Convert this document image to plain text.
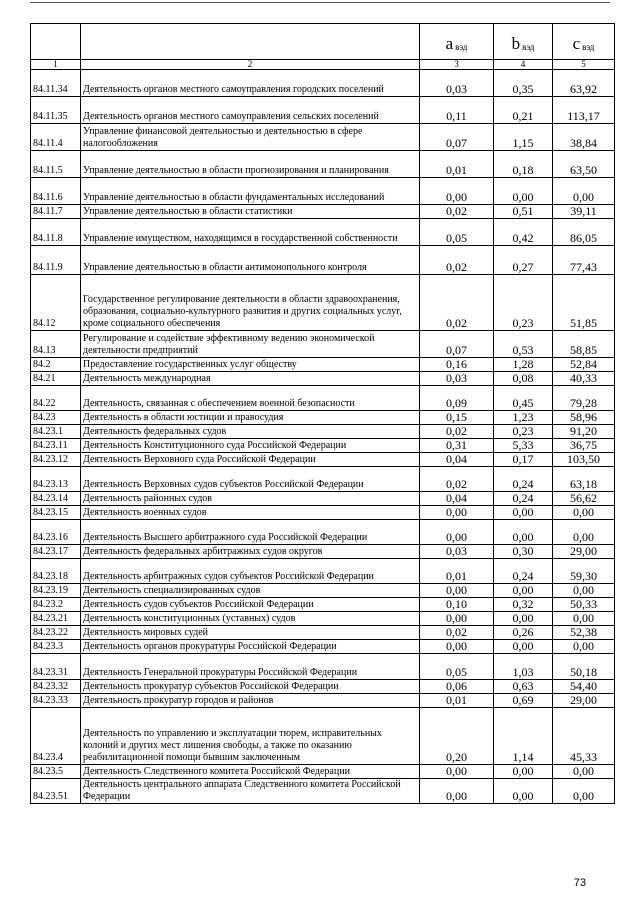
		a $_{вэд}$	b $_{вэд}$	c $_{вэд}$
1	2	3	4	5
84.11.34	Деятельность органов местного самоуправления городских поселений	0,03	0,35	63,92
84.11.35	Деятельность органов местного самоуправления сельских поселений	0,11	0,21	113,17
84.11.4	Управление финансовой деятельностью и деятельностью в сфере налогообложения	0,07	1,15	38,84
84.11.5	Управление деятельностью в области прогнозирования и планирования	0,01	0,18	63,50
84.11.6	Управление деятельностью в области фундаментальных исследований	0,00	0,00	0,00
84.11.7	Управление деятельностью в области статистики	0,02	0,51	39,11
84.11.8	Управление имуществом, находящимся в государственной собственности	0,05	0,42	86,05
84.11.9	Управление деятельностью в области антимонопольного контроля	0,02	0,27	77,43
84.12	Государственное регулирование деятельности в области здравоохранения, образования, социально-культурного развития и других социальных услуг, кроме социального обеспечения	0,02	0,23	51,85
84.13	Регулирование и содействие эффективному ведению экономической деятельности предприятий	0,07	0,53	58,85
84.2	Предоставление государственных услуг обществу	0,16	1,28	52,84
84.21	Деятельность международная	0,03	0,08	40,33
84.22	Деятельность, связанная с обеспечением военной безопасности	0,09	0,45	79,28
84.23	Деятельность в области юстиции и правосудия	0,15	1,23	58,96
84.23.1	Деятельность федеральных судов	0,02	0,23	91,20
84.23.11	Деятельность Конституционного суда Российской Федерации	0,31	5,33	36,75
84.23.12	Деятельность Верховного суда Российской Федерации	0,04	0,17	103,50
84.23.13	Деятельность Верховных судов субъектов Российской Федерации	0,02	0,24	63,18
84.23.14	Деятельность районных судов	0,04	0,24	56,62
84.23.15	Деятельность военных судов	0,00	0,00	0,00
84.23.16	Деятельность Высшего арбитражного суда Российской Федерации	0,00	0,00	0,00
84.23.17	Деятельность федеральных арбитражных судов округов	0,03	0,30	29,00
84.23.18	Деятельность арбитражных судов субъектов Российской Федерации	0,01	0,24	59,30
84.23.19	Деятельность специализированных судов	0,00	0,00	0,00
84.23.2	Деятельность судов субъектов Российской Федерации	0,10	0,32	50,33
84.23.21	Деятельность конституционных (уставных) судов	0,00	0,00	0,00
84.23.22	Деятельность мировых судей	0,02	0,26	52,38
84.23.3	Деятельность органов прокуратуры Российской Федерации	0,00	0,00	0,00
84.23.31	Деятельность Генеральной прокуратуры Российской Федерации	0,05	1,03	50,18
84.23.32	Деятельность прокуратур субъектов Российской Федерации	0,06	0,63	54,40
84.23.33	Деятельность прокуратур городов и районов	0,01	0,69	29,00
84.23.4	Деятельность по управлению и эксплуатации тюрем, исправительных колоний и других мест лишения свободы, а также по оказанию реабилитационной помощи бывшим заключенным	0,20	1,14	45,33
84.23.5	Деятельность Следственного комитета Российской Федерации	0,00	0,00	0,00
84.23.51	Деятельность центрального аппарата Следственного комитета Российской Федерации	0,00	0,00	0,00
73
